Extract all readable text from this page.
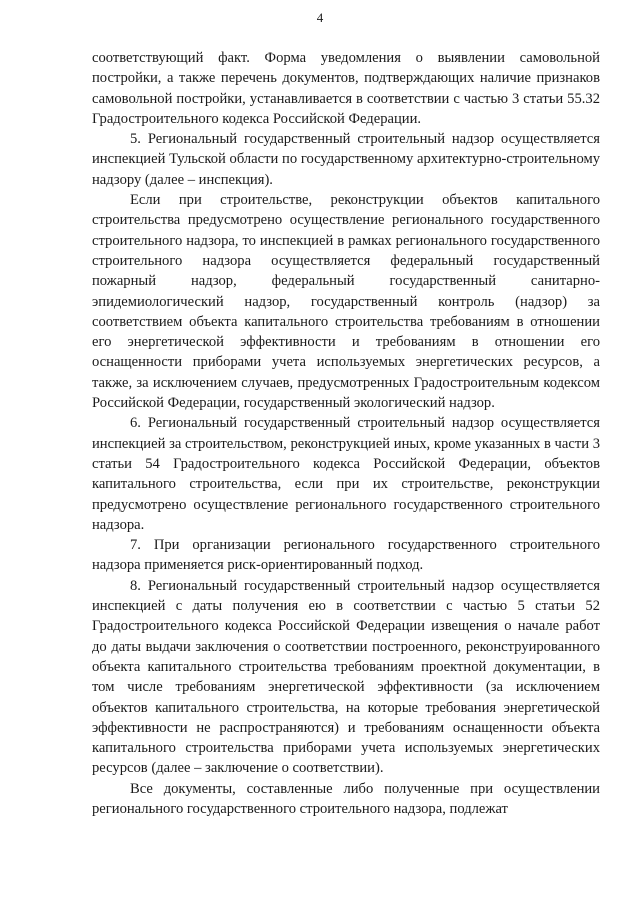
4

соответствующий факт. Форма уведомления о выявлении самовольной постройки, а также перечень документов, подтверждающих наличие признаков самовольной постройки, устанавливается в соответствии с частью 3 статьи 55.32 Градостроительного кодекса Российской Федерации.

5. Региональный государственный строительный надзор осуществляется инспекцией Тульской области по государственному архитектурно-строительному надзору (далее – инспекция).

Если при строительстве, реконструкции объектов капитального строительства предусмотрено осуществление регионального государственного строительного надзора, то инспекцией в рамках регионального государственного строительного надзора осуществляется федеральный государственный пожарный надзор, федеральный государственный санитарно-эпидемиологический надзор, государственный контроль (надзор) за соответствием объекта капитального строительства требованиям в отношении его энергетической эффективности и требованиям в отношении его оснащенности приборами учета используемых энергетических ресурсов, а также, за исключением случаев, предусмотренных Градостроительным кодексом Российской Федерации, государственный экологический надзор.

6. Региональный государственный строительный надзор осуществляется инспекцией за строительством, реконструкцией иных, кроме указанных в части 3 статьи 54 Градостроительного кодекса Российской Федерации, объектов капитального строительства, если при их строительстве, реконструкции предусмотрено осуществление регионального государственного строительного надзора.

7. При организации регионального государственного строительного надзора применяется риск-ориентированный подход.

8. Региональный государственный строительный надзор осуществляется инспекцией с даты получения ею в соответствии с частью 5 статьи 52 Градостроительного кодекса Российской Федерации извещения о начале работ до даты выдачи заключения о соответствии построенного, реконструированного объекта капитального строительства требованиям проектной документации, в том числе требованиям энергетической эффективности (за исключением объектов капитального строительства, на которые требования энергетической эффективности не распространяются) и требованиям оснащенности объекта капитального строительства приборами учета используемых энергетических ресурсов (далее – заключение о соответствии).

Все документы, составленные либо полученные при осуществлении регионального государственного строительного надзора, подлежат
